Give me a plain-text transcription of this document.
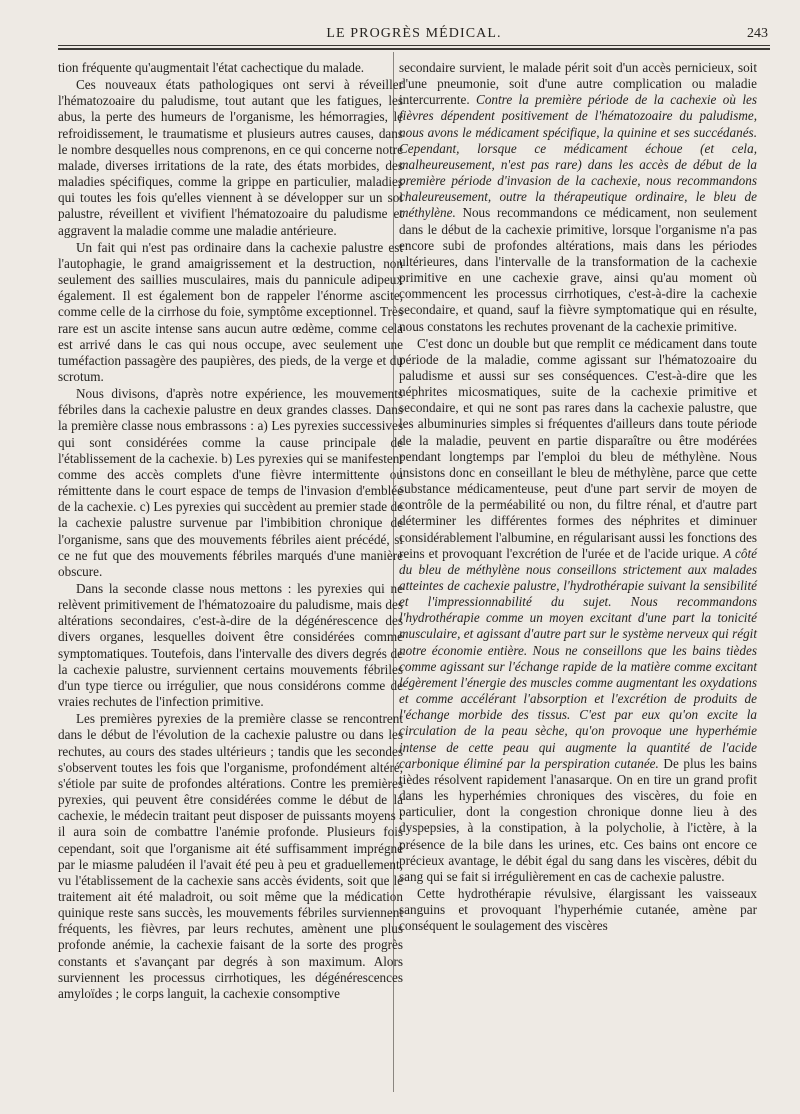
LE PROGRÈS MÉDICAL.	243

tion fréquente qu'augmentait l'état cachectique du malade.

Ces nouveaux états pathologiques ont servi à réveiller l'hématozoaire du paludisme, tout autant que les fatigues, les abus, la perte des humeurs de l'organisme, les hémorragies, le refroidissement, le traumatisme et plusieurs autres causes, dans le nombre desquelles nous comprenons, en ce qui concerne notre malade, diverses irritations de la rate, des états morbides, des maladies spécifiques, comme la grippe en particulier, maladies qui toutes les fois qu'elles viennent à se développer sur un sol palustre, réveillent et vivifient l'hématozoaire du paludisme et aggravent la maladie comme une maladie antérieure.

Un fait qui n'est pas ordinaire dans la cachexie palustre est l'autophagie, le grand amaigrissement et la destruction, non seulement des saillies musculaires, mais du pannicule adipeux également. Il est également bon de rappeler l'énorme ascite, comme celle de la cirrhose du foie, symptôme exceptionnel. Très rare est un ascite intense sans aucun autre œdème, comme cela est arrivé dans le cas qui nous occupe, avec seulement une tuméfaction passagère des paupières, des pieds, de la verge et du scrotum.

Nous divisons, d'après notre expérience, les mouvements fébriles dans la cachexie palustre en deux grandes classes. Dans la première classe nous embrassons : a) Les pyrexies successives qui sont considérées comme la cause principale de l'établissement de la cachexie. b) Les pyrexies qui se manifestent comme des accès complets d'une fièvre intermittente ou rémittente dans le court espace de temps de l'invasion d'emblée de la cachexie. c) Les pyrexies qui succèdent au premier stade de la cachexie palustre survenue par l'imbibition chronique de l'organisme, sans que des mouvements fébriles aient précédé, si ce ne fut que des mouvements fébriles marqués d'une manière obscure.

Dans la seconde classe nous mettons : les pyrexies qui ne relèvent primitivement de l'hématozoaire du paludisme, mais des altérations secondaires, c'est-à-dire de la dégénérescence des divers organes, lesquelles doivent être considérées comme symptomatiques. Toutefois, dans l'intervalle des divers degrés de la cachexie palustre, surviennent certains mouvements fébriles d'un type tierce ou irrégulier, que nous considérons comme de vraies rechutes de l'infection primitive.

Les premières pyrexies de la première classe se rencontrent dans le début de l'évolution de la cachexie palustre ou dans les rechutes, au cours des stades ultérieurs ; tandis que les secondes s'observent toutes les fois que l'organisme, profondément altéré, s'étiole par suite de profondes altérations. Contre les premières pyrexies, qui peuvent être considérées comme le début de la cachexie, le médecin traitant peut disposer de puissants moyens : il aura soin de combattre l'anémie profonde. Plusieurs fois cependant, soit que l'organisme ait été suffisamment imprégné par le miasme paludéen il l'avait été peu à peu et graduellement, vu l'établissement de la cachexie sans accès évidents, soit que le traitement ait été maladroit, ou soit même que la médication quinique reste sans succès, les mouvements fébriles surviennent fréquents, les fièvres, par leurs rechutes, amènent une plus profonde anémie, la cachexie faisant de la sorte des progrès constants et s'avançant par degrés à son maximum. Alors surviennent les processus cirrhotiques, les dégénérescences amyloïdes ; le corps languit, la cachexie consomptive

secondaire survient, le malade périt soit d'un accès pernicieux, soit d'une pneumonie, soit d'une autre complication ou maladie intercurrente. Contre la première période de la cachexie où les fièvres dépendent positivement de l'hématozoaire du paludisme, nous avons le médicament spécifique, la quinine et ses succédanés. Cependant, lorsque ce médicament échoue (et cela, malheureusement, n'est pas rare) dans les accès de début de la première période d'invasion de la cachexie, nous recommandons chaleureusement, outre la thérapeutique ordinaire, le bleu de méthylène. Nous recommandons ce médicament, non seulement dans le début de la cachexie primitive, lorsque l'organisme n'a pas encore subi de profondes altérations, mais dans les périodes ultérieures, dans l'intervalle de la transformation de la cachexie primitive en une cachexie grave, ainsi qu'au moment où commencent les processus cirrhotiques, c'est-à-dire la cachexie secondaire, et quand, sauf la fièvre symptomatique qui en résulte, nous constatons les rechutes provenant de la cachexie primitive.

C'est donc un double but que remplit ce médicament dans toute période de la maladie, comme agissant sur l'hématozoaire du paludisme et aussi sur ses conséquences. C'est-à-dire que les néphrites micosmatiques, suite de la cachexie primitive et secondaire, et qui ne sont pas rares dans la cachexie palustre, que les albuminuries simples si fréquentes d'ailleurs dans toute période de la maladie, peuvent en partie disparaître ou être modérées pendant longtemps par l'emploi du bleu de méthylène. Nous insistons donc en conseillant le bleu de méthylène, parce que cette substance médicamenteuse, peut d'une part servir de moyen de contrôle de la perméabilité ou non, du filtre rénal, et d'autre part déterminer les différentes formes des néphrites et diminuer considérablement l'albumine, en régularisant aussi les fonctions des reins et provoquant l'excrétion de l'urée et de l'acide urique. A côté du bleu de méthylène nous conseillons strictement aux malades atteintes de cachexie palustre, l'hydrothérapie suivant la sensibilité et l'impressionnabilité du sujet. Nous recommandons l'hydrothérapie comme un moyen excitant d'une part la tonicité musculaire, et agissant d'autre part sur le système nerveux qui régit notre économie entière. Nous ne conseillons que les bains tièdes comme agissant sur l'échange rapide de la matière comme excitant légèrement l'énergie des muscles comme augmentant les oxydations et comme accélérant l'absorption et l'excrétion de produits de l'échange morbide des tissus. C'est par eux qu'on excite la circulation de la peau sèche, qu'on provoque une hyperhémie intense de cette peau qui augmente la quantité de l'acide carbonique éliminé par la perspiration cutanée. De plus les bains tièdes résolvent rapidement l'anasarque. On en tire un grand profit dans les hyperhémies chroniques des viscères, du foie en particulier, dont la congestion chronique donne lieu à des dyspepsies, à la constipation, à la polycholie, à l'ictère, à la présence de la bile dans les urines, etc. Ces bains ont encore ce précieux avantage, le débit égal du sang dans les viscères, débit du sang qui se fait si irrégulièrement en cas de cachexie palustre.

Cette hydrothérapie révulsive, élargissant les vaisseaux sanguins et provoquant l'hyperhémie cutanée, amène par conséquent le soulagement des viscères
